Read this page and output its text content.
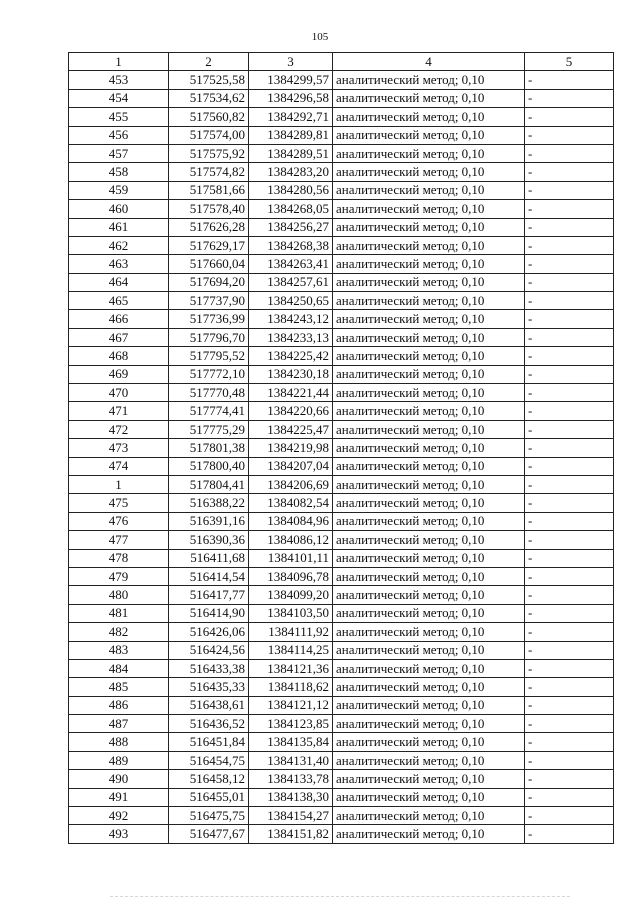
105
1	2	3	4	5
453	517525,58	1384299,57	аналитический метод; 0,10	-
454	517534,62	1384296,58	аналитический метод; 0,10	-
455	517560,82	1384292,71	аналитический метод; 0,10	-
456	517574,00	1384289,81	аналитический метод; 0,10	-
457	517575,92	1384289,51	аналитический метод; 0,10	-
458	517574,82	1384283,20	аналитический метод; 0,10	-
459	517581,66	1384280,56	аналитический метод; 0,10	-
460	517578,40	1384268,05	аналитический метод; 0,10	-
461	517626,28	1384256,27	аналитический метод; 0,10	-
462	517629,17	1384268,38	аналитический метод; 0,10	-
463	517660,04	1384263,41	аналитический метод; 0,10	-
464	517694,20	1384257,61	аналитический метод; 0,10	-
465	517737,90	1384250,65	аналитический метод; 0,10	-
466	517736,99	1384243,12	аналитический метод; 0,10	-
467	517796,70	1384233,13	аналитический метод; 0,10	-
468	517795,52	1384225,42	аналитический метод; 0,10	-
469	517772,10	1384230,18	аналитический метод; 0,10	-
470	517770,48	1384221,44	аналитический метод; 0,10	-
471	517774,41	1384220,66	аналитический метод; 0,10	-
472	517775,29	1384225,47	аналитический метод; 0,10	-
473	517801,38	1384219,98	аналитический метод; 0,10	-
474	517800,40	1384207,04	аналитический метод; 0,10	-
1	517804,41	1384206,69	аналитический метод; 0,10	-
475	516388,22	1384082,54	аналитический метод; 0,10	-
476	516391,16	1384084,96	аналитический метод; 0,10	-
477	516390,36	1384086,12	аналитический метод; 0,10	-
478	516411,68	1384101,11	аналитический метод; 0,10	-
479	516414,54	1384096,78	аналитический метод; 0,10	-
480	516417,77	1384099,20	аналитический метод; 0,10	-
481	516414,90	1384103,50	аналитический метод; 0,10	-
482	516426,06	1384111,92	аналитический метод; 0,10	-
483	516424,56	1384114,25	аналитический метод; 0,10	-
484	516433,38	1384121,36	аналитический метод; 0,10	-
485	516435,33	1384118,62	аналитический метод; 0,10	-
486	516438,61	1384121,12	аналитический метод; 0,10	-
487	516436,52	1384123,85	аналитический метод; 0,10	-
488	516451,84	1384135,84	аналитический метод; 0,10	-
489	516454,75	1384131,40	аналитический метод; 0,10	-
490	516458,12	1384133,78	аналитический метод; 0,10	-
491	516455,01	1384138,30	аналитический метод; 0,10	-
492	516475,75	1384154,27	аналитический метод; 0,10	-
493	516477,67	1384151,82	аналитический метод; 0,10	-
